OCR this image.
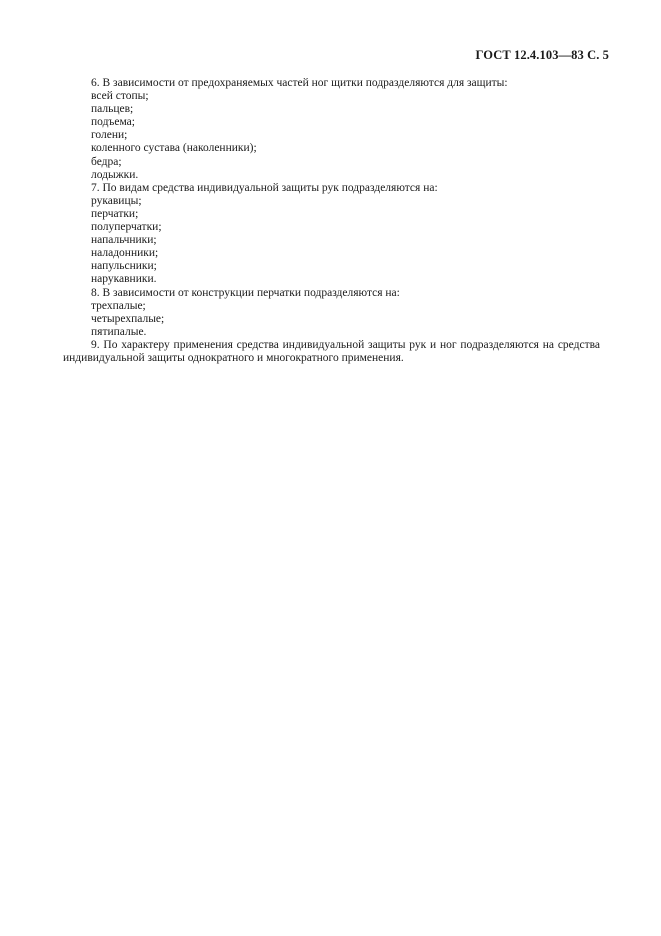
ГОСТ 12.4.103—83 С. 5

6. В зависимости от предохраняемых частей ног щитки подразделяются для защиты:

всей стопы;

пальцев;

подъема;

голени;

коленного сустава (наколенники);

бедра;

лодыжки.

7. По видам средства индивидуальной защиты рук подразделяются на:

рукавицы;

перчатки;

полуперчатки;

напальчники;

наладонники;

напульсники;

нарукавники.

8. В зависимости от конструкции перчатки подразделяются на:

трехпалые;

четырехпалые;

пятипалые.

9. По характеру применения средства индивидуальной защиты рук и ног подразделяются на средства индивидуальной защиты однократного и многократного применения.
